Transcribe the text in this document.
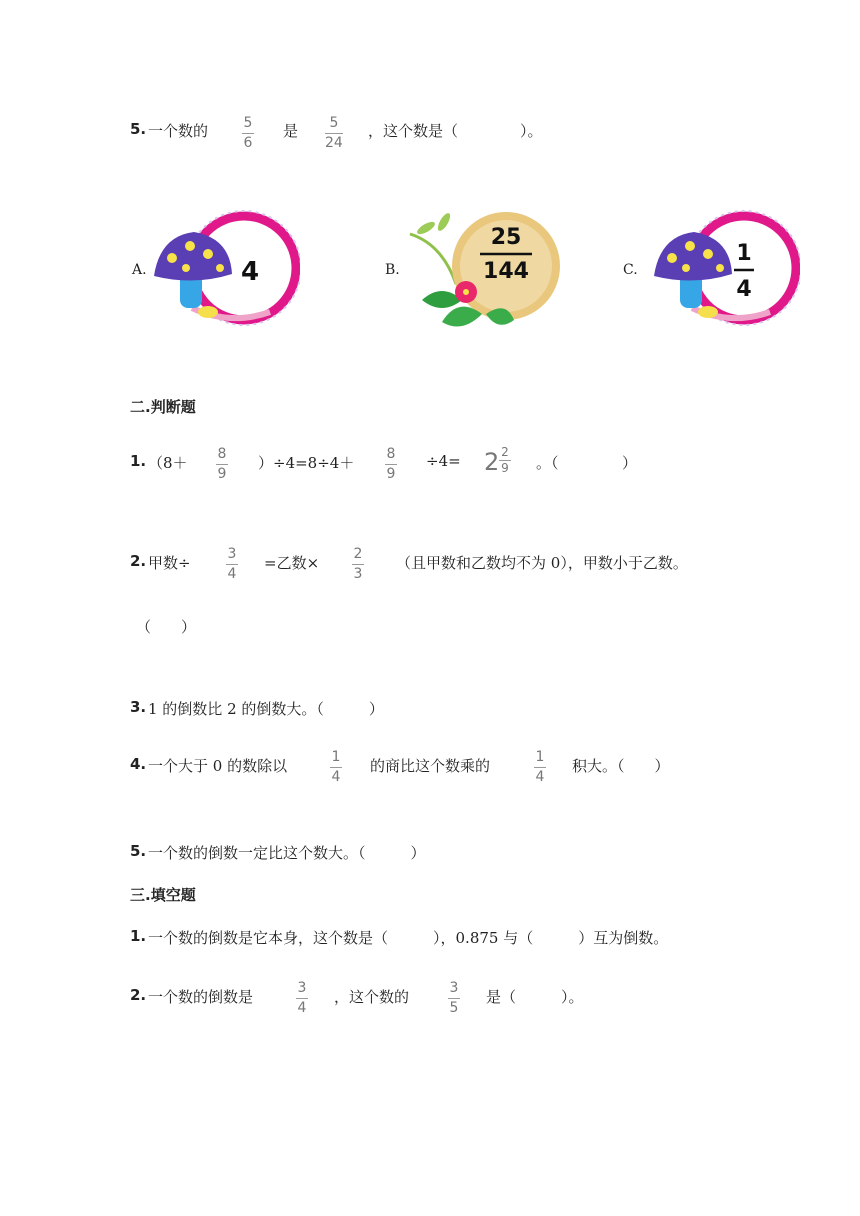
5. 一个数的	5
6
是 5
24
，这个数是（	）。
A.	4	B.
25
144	C.
1
4
二.判断题
1. （8＋ 8
9
）÷4=8÷4＋ 8
9
÷4= 2 2
9 。（	）
2. 甲数÷	3
4
=乙数× 2
3
（且甲数和乙数均不为 0），甲数小于乙数。
（　　）
3. 1 的倒数比 2 的倒数大。（　　　）
4. 一个大于 0 的数除以	1
4
的商比这个数乘的	1
4
积大。（　　）
5. 一个数的倒数一定比这个数大。（　　　）
三.填空题
1. 一个数的倒数是它本身，这个数是（　　　），0.875 与（　　　）互为倒数。
2. 一个数的倒数是	3
4
，这个数的	3
5
是（　　　）。
